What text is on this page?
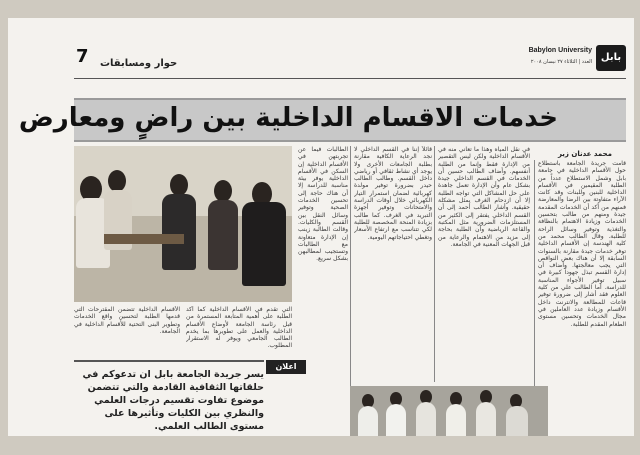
7 حوار ومسابقات
بابل
Babylon University
العدد | الثلاثاء ٢٧ نيسان ٢٠٠٨
خدمات الاقسام الداخلية بين راضٍ ومعارض
محمد عدنان زبر
قامت جريدة الجامعة باستطلاع حول الأقسام الداخلية في جامعة بابل وشمل الاستطلاع عدداً من الطلبة المقيمين في الأقسام الداخلية للبنين وللبنات وقد كانت الآراء متفاوتة بين الرضا والمعارضة فمنهم من أكد أن الخدمات المقدمة جيدة ومنهم من طالب بتحسين الخدمات وزيادة الاهتمام بالنظافة والتغذية وتوفير وسائل الراحة للطلبة. وقال الطالب محمد من كلية الهندسة إن الأقسام الداخلية توفر خدمات جيدة مقارنة بالسنوات السابقة إلا أن هناك بعض النواقص التي يجب معالجتها. وأضاف أن إدارة القسم تبذل جهوداً كبيرة في سبيل توفير الأجواء المناسبة للدراسة. أما الطالب علي من كلية العلوم فقد أشار إلى ضرورة توفير قاعات للمطالعة والانترنت داخل الأقسام وزيادة عدد العاملين في مجال الخدمات وتحسين مستوى الطعام المقدم للطلبة.
في نقل المياه وهذا ما تعاني منه في الأقسام الداخلية ولكن ليس التقصير من الإدارة فقط وإنما من الطلبة أنفسهم. وأضاف الطالب حسين أن الخدمات في القسم الداخلي جيدة بشكل عام وأن الإدارة تعمل جاهدة على حل المشاكل التي تواجه الطلبة إلا أن ازدحام الغرف يمثل مشكلة حقيقية. وأشار الطالب أحمد إلى أن القسم الداخلي يفتقر إلى الكثير من المستلزمات الضرورية مثل المكتبة والقاعة الرياضية وأن الطلبة بحاجة إلى مزيد من الاهتمام والرعاية من قبل الجهات المعنية في الجامعة.
قائلاً إننا في القسم الداخلي لا نجد الرعاية الكافية مقارنة بطلبة الجامعات الأخرى ولا يوجد أي نشاط ثقافي أو رياضي داخل القسم. وطالب الطالب حيدر بضرورة توفير مولدة كهربائية لضمان استمرار التيار الكهربائي خلال أوقات الدراسة والامتحانات وتوفير أجهزة التبريد في الغرف. كما طالب بزيادة المنحة المخصصة للطلبة لكي تتناسب مع ارتفاع الأسعار وتغطي احتياجاتهم اليومية.
الطالبات فيما عن تجربتهن في الأقسام الداخلية إن السكن في الأقسام الداخلية يوفر بيئة مناسبة للدراسة إلا أن هناك حاجة إلى تحسين الخدمات الصحية وتوفير وسائل النقل بين القسم والكليات. وقالت الطالبة زينب إن الإدارة متعاونة مع الطالبات وتستجيب لمطالبهن بشكل سريع.
التي تقدم في الأقسام الداخلية كما أكد الطلبة على أهمية المتابعة المستمرة من قبل رئاسة الجامعة لأوضاع الأقسام الداخلية والعمل على تطويرها بما يخدم الطالب الجامعي ويوفر له الاستقرار المطلوب.
الأقسام الداخلية تتضمن المقترحات التي قدمها الطلبة لتحسين واقع الخدمات وتطوير البنى التحتية للأقسام الداخلية في الجامعة.
اعلان
يسر جريدة الجامعة بابل ان تدعوكم في حلقاتها الثقافية القادمة والتي تتضمن موضوع تفاوت تقسيم درجات العلمي والنظري بين الكليات وتأثيرها على مستوى الطالب العلمي.
